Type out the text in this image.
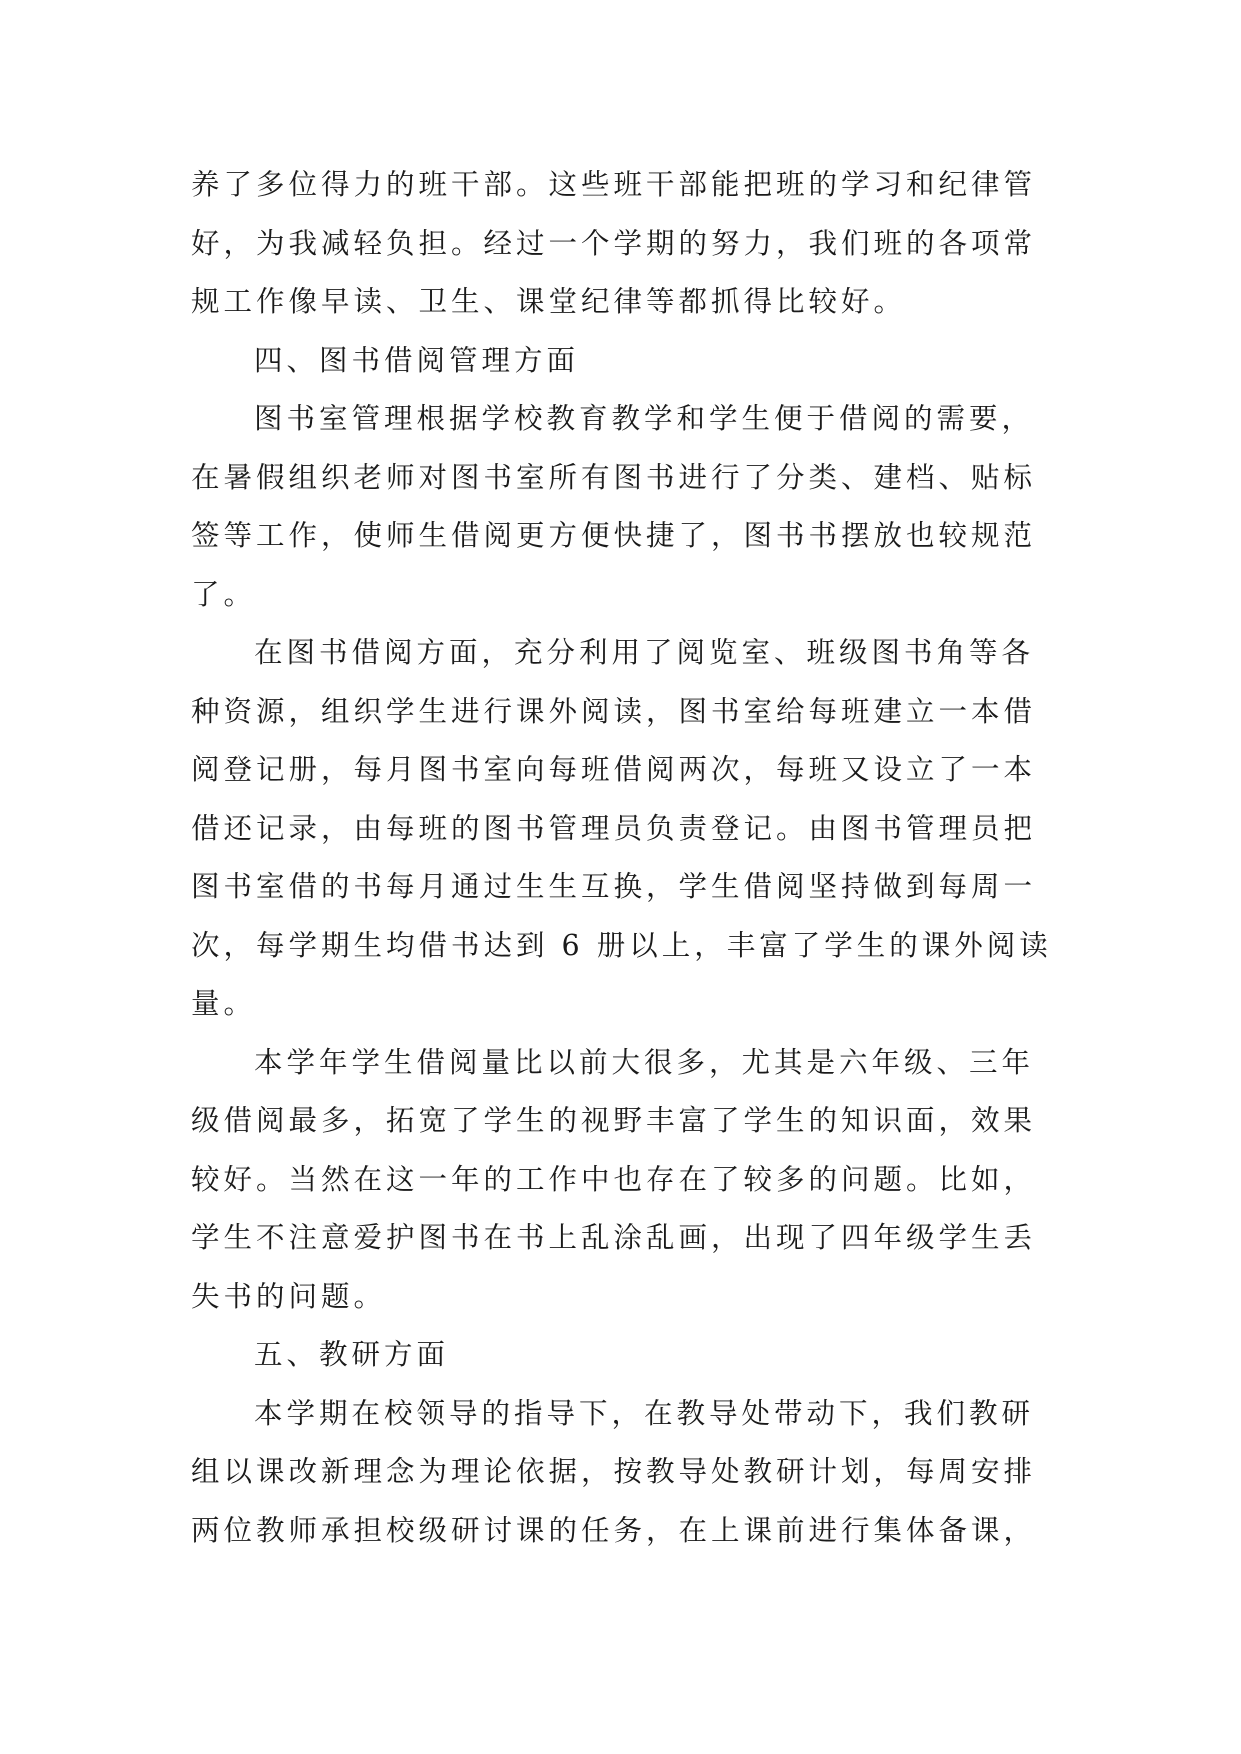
养了多位得力的班干部。这些班干部能把班的学习和纪律管
好，为我减轻负担。经过一个学期的努力，我们班的各项常
规工作像早读、卫生、课堂纪律等都抓得比较好。

四、图书借阅管理方面

图书室管理根据学校教育教学和学生便于借阅的需要，
在暑假组织老师对图书室所有图书进行了分类、建档、贴标
签等工作，使师生借阅更方便快捷了，图书书摆放也较规范
了。

在图书借阅方面，充分利用了阅览室、班级图书角等各
种资源，组织学生进行课外阅读，图书室给每班建立一本借
阅登记册，每月图书室向每班借阅两次，每班又设立了一本
借还记录，由每班的图书管理员负责登记。由图书管理员把
图书室借的书每月通过生生互换，学生借阅坚持做到每周一
次，每学期生均借书达到 6 册以上，丰富了学生的课外阅读
量。

本学年学生借阅量比以前大很多，尤其是六年级、三年
级借阅最多，拓宽了学生的视野丰富了学生的知识面，效果
较好。当然在这一年的工作中也存在了较多的问题。比如，
学生不注意爱护图书在书上乱涂乱画，出现了四年级学生丢
失书的问题。

五、教研方面

本学期在校领导的指导下，在教导处带动下，我们教研
组以课改新理念为理论依据，按教导处教研计划，每周安排
两位教师承担校级研讨课的任务，在上课前进行集体备课，
